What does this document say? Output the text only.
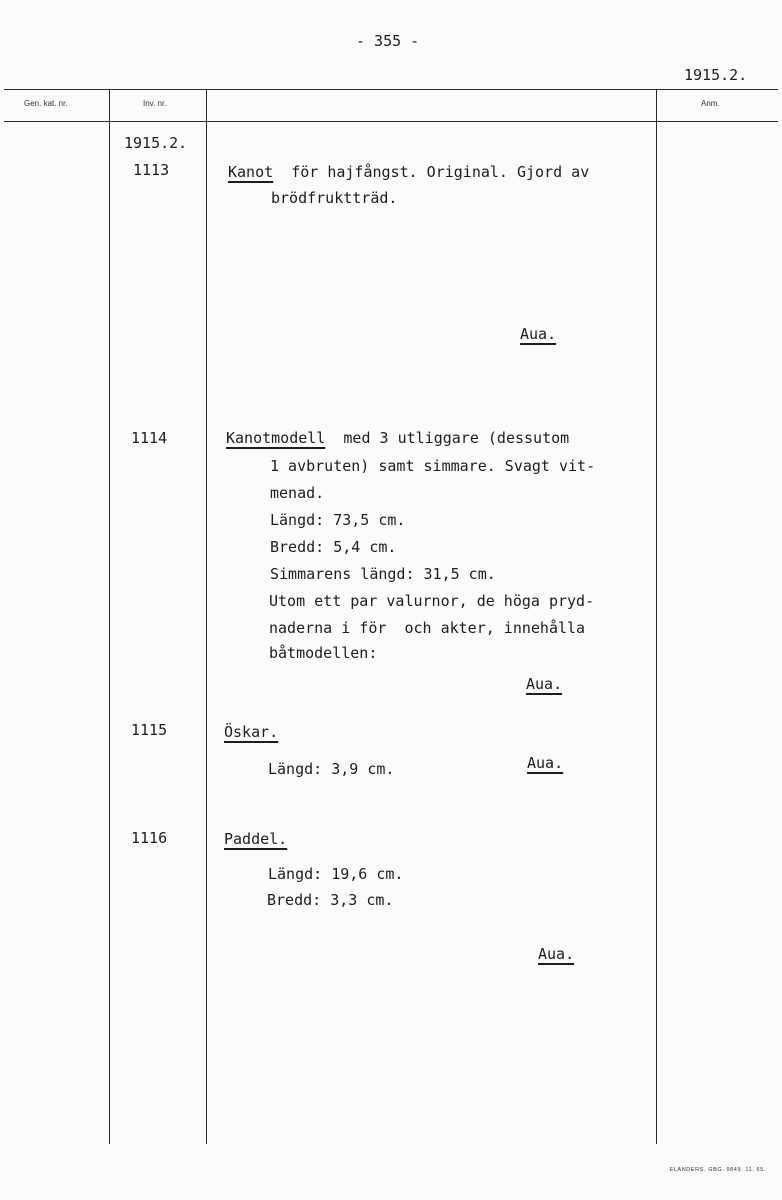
- 355 -
1915.2.
Gen. kat. nr.	Inv. nr.	Anm.
1915.2.
1113	Kanot för hajfångst. Original. Gjord av
brödfruktträd.
Aua.
1114	Kanotmodell med 3 utliggare (dessutom
1 avbruten) samt simmare. Svagt vit-
menad.
Längd: 73,5 cm.
Bredd: 5,4 cm.
Simmarens längd: 31,5 cm.
Utom ett par valurnor, de höga pryd-
naderna i för  och akter, innehålla
båtmodellen:
Aua.
1115	Öskar.
Längd: 3,9 cm.	Aua.
1116	Paddel.
Längd: 19,6 cm.
Bredd: 3,3 cm.
Aua.
ELANDERS. GBG. 9849. 11. 65.
